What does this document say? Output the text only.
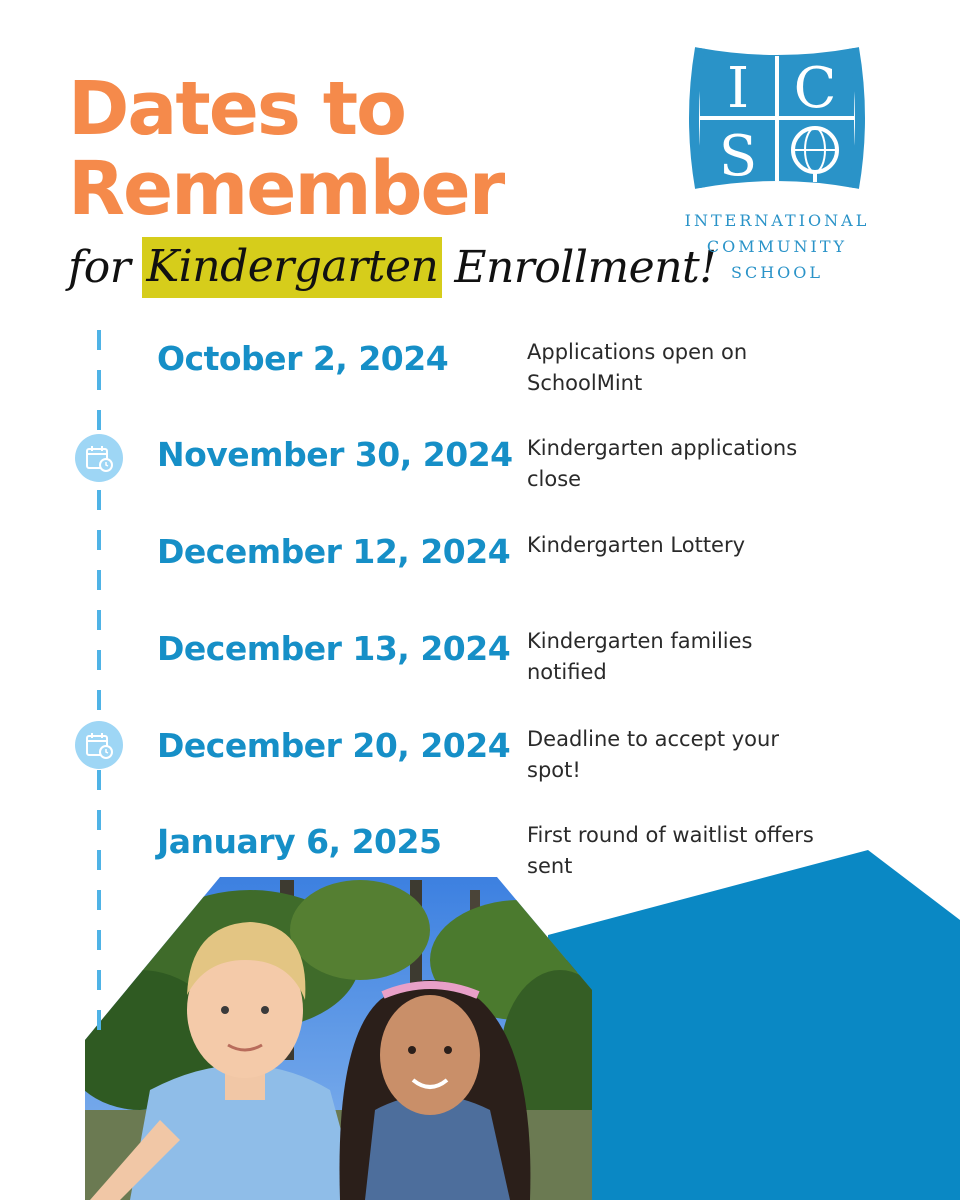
Dates to
Remember
for Kindergarten Enrollment!
I C
S
INTERNATIONAL
COMMUNITY
SCHOOL
October 2, 2024	Applications open on SchoolMint
November 30, 2024 Kindergarten applications close
December 12, 2024 Kindergarten Lottery
December 13, 2024 Kindergarten families notified
December 20, 2024 Deadline to accept your spot!
January 6, 2025	First round of waitlist offers sent
